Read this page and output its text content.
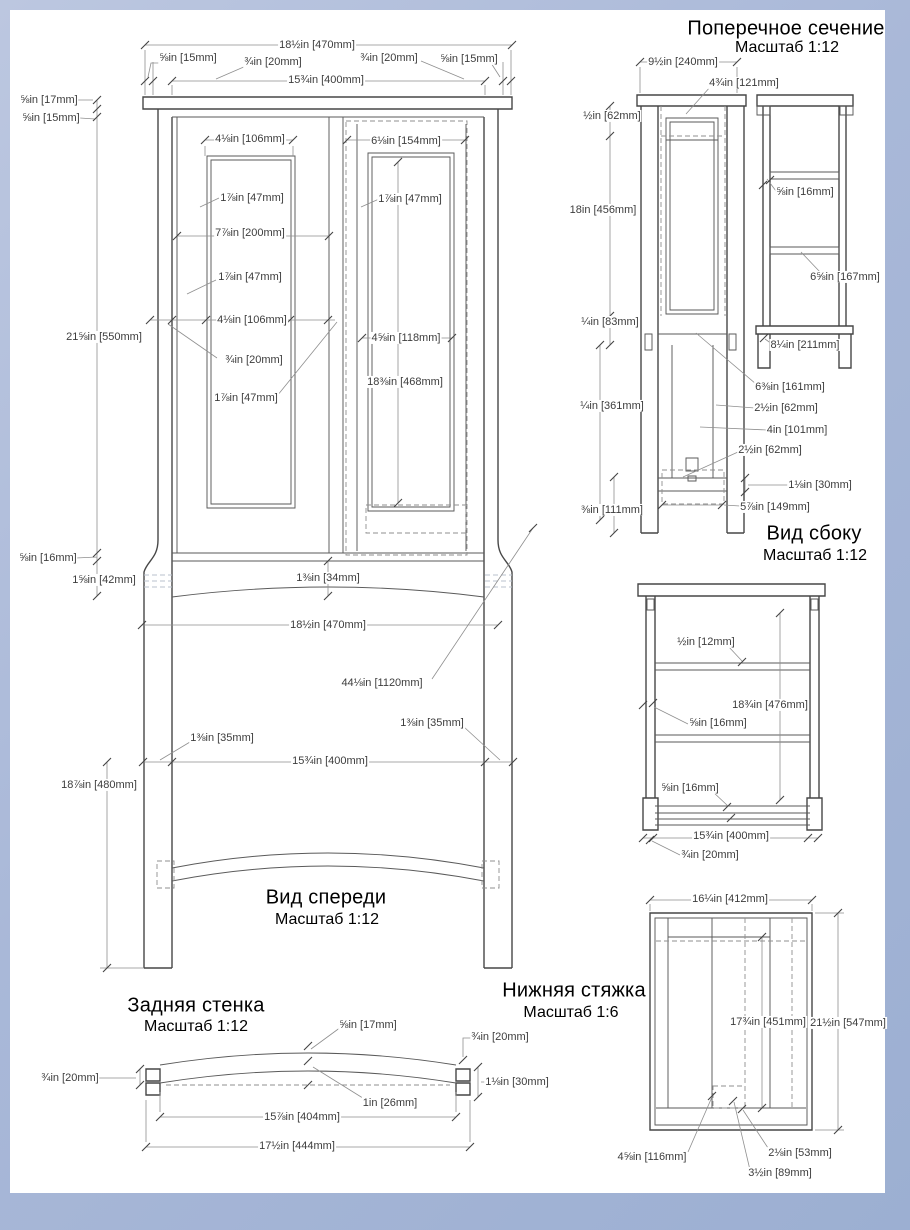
Поперечное сечение
Масштаб 1:12
9½in [240mm]
4¾in [121mm]
½in [62mm]
18in [456mm]
⅝in [16mm]
6⅝in [167mm]
¼in [83mm]
8¼in [211mm]
6⅜in [161mm]
¼in [361mm]	2½in [62mm]
4in [101mm]
2½in [62mm]
1⅛in [30mm]
⅜in [111mm]	5⅞in [149mm]
Вид спереди
Масштаб 1:12
18½in [470mm]
⅝in [15mm]	¾in [20mm]	¾in [20mm] ⅝in [15mm]
15¾in [400mm]
⅝in [17mm]
⅝in [15mm]
4⅛in [106mm]	6⅛in [154mm]
1⅞in [47mm]	1⅞in [47mm]
7⅞in [200mm]
1⅞in [47mm]
4⅛in [106mm]
21⅝in [550mm]
¾in [20mm]
1⅞in [47mm]
4⅝in [118mm]
18⅜in [468mm]
⅝in [16mm]
1⅝in [42mm]	1⅜in [34mm]
18½in [470mm]
44⅛in [1120mm]
1⅜in [35mm]
1⅜in [35mm]
15¾in [400mm]
18⅞in [480mm]
Вид сбоку
Масштаб 1:12
½in [12mm]
18¾in [476mm]
⅝in [16mm]
⅝in [16mm]
15¾in [400mm]
¾in [20mm]
Задняя стенка
Масштаб 1:12	⅝in [17mm]
¾in [20mm]
¾in [20mm]	1⅛in [30mm]
1in [26mm]
15⅞in [404mm]
17½in [444mm]
Нижняя стяжка
Масштаб 1:6
16¼in [412mm]
17¾in [451mm] 21½in [547mm]
4⅝in [116mm]	2⅛in [53mm]
3½in [89mm]
